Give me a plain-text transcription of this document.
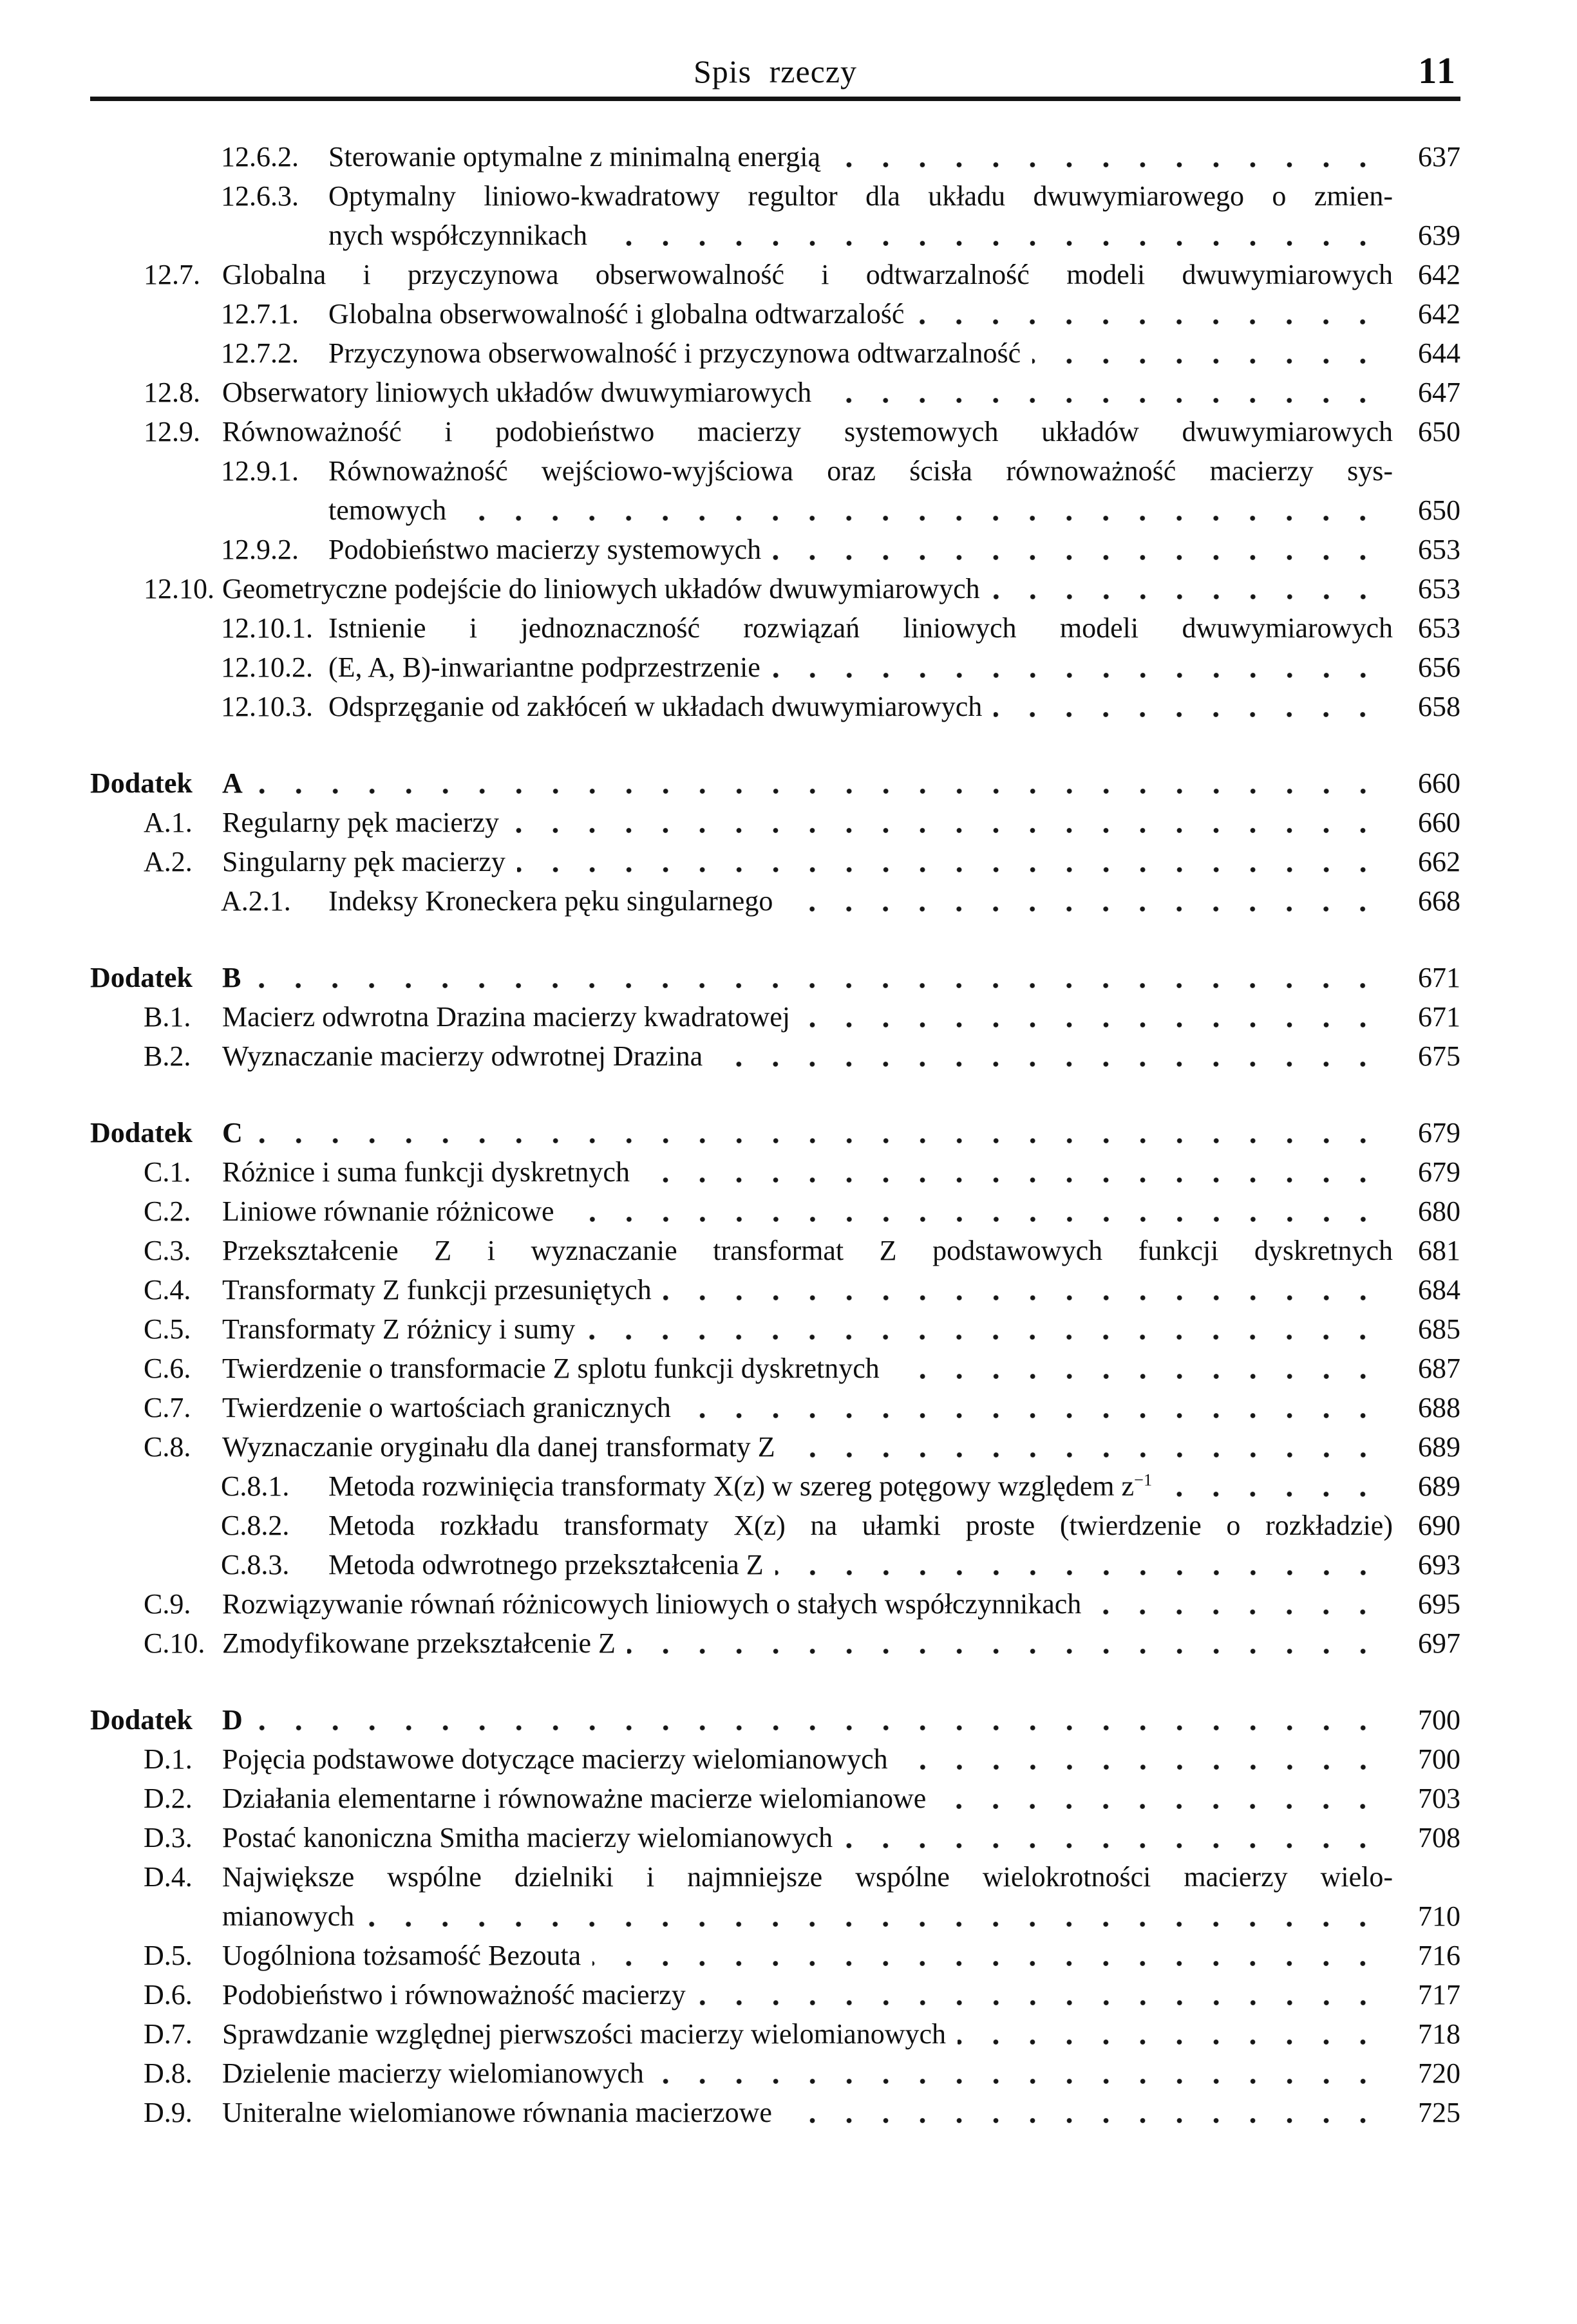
Spis rzeczy	11
12.6.2.	Sterowanie optymalne z minimalną energią	637
12.6.3.	Optymalny liniowo-kwadratowy regultor dla układu dwuwymiarowego o zmien-
nych współczynnikach	639
12.7. Globalna i przyczynowa obserwowalność i odtwarzalność modeli dwuwymiarowych 642
12.7.1.	Globalna obserwowalność i globalna odtwarzalość	642
12.7.2.	Przyczynowa obserwowalność i przyczynowa odtwarzalność	644
12.8. Obserwatory liniowych układów dwuwymiarowych	647
12.9. Równoważność i podobieństwo macierzy systemowych układów dwuwymiarowych 650
12.9.1.	Równoważność wejściowo-wyjściowa oraz ścisła równoważność macierzy sys-
temowych	650
12.9.2.	Podobieństwo macierzy systemowych	653
12.10. Geometryczne podejście do liniowych układów dwuwymiarowych	653
12.10.1. Istnienie i jednoznaczność rozwiązań liniowych modeli dwuwymiarowych 653
12.10.2. (E, A, B)-inwariantne podprzestrzenie	656
12.10.3. Odsprzęganie od zakłóceń w układach dwuwymiarowych	658
Dodatek	A	660
A.1.	Regularny pęk macierzy	660
A.2.	Singularny pęk macierzy	662
A.2.1.	Indeksy Kroneckera pęku singularnego	668
Dodatek	B	671
B.1.	Macierz odwrotna Drazina macierzy kwadratowej	671
B.2.	Wyznaczanie macierzy odwrotnej Drazina	675
Dodatek	C	679
C.1.	Różnice i suma funkcji dyskretnych	679
C.2.	Liniowe równanie różnicowe	680
C.3.	Przekształcenie Z i wyznaczanie transformat Z podstawowych funkcji dyskretnych 681
C.4.	Transformaty Z funkcji przesuniętych	684
C.5.	Transformaty Z różnicy i sumy	685
C.6.	Twierdzenie o transformacie Z splotu funkcji dyskretnych	687
C.7.	Twierdzenie o wartościach granicznych	688
C.8.	Wyznaczanie oryginału dla danej transformaty Z	689
C.8.1.	Metoda rozwinięcia transformaty X(z) w szereg potęgowy względem $z^{-1}$	689
C.8.2.	Metoda rozkładu transformaty X(z) na ułamki proste (twierdzenie o rozkładzie) 690
C.8.3.	Metoda odwrotnego przekształcenia Z	693
C.9.	Rozwiązywanie równań różnicowych liniowych o stałych współczynnikach	695
C.10. Zmodyfikowane przekształcenie Z	697
Dodatek	D	700
D.1.	Pojęcia podstawowe dotyczące macierzy wielomianowych	700
D.2.	Działania elementarne i równoważne macierze wielomianowe	703
D.3.	Postać kanoniczna Smitha macierzy wielomianowych	708
D.4.	Największe wspólne dzielniki i najmniejsze wspólne wielokrotności macierzy wielo-
mianowych	710
D.5.	Uogólniona tożsamość Bezouta	716
D.6.	Podobieństwo i równoważność macierzy	717
D.7.	Sprawdzanie względnej pierwszości macierzy wielomianowych	718
D.8.	Dzielenie macierzy wielomianowych	720
D.9.	Uniteralne wielomianowe równania macierzowe	725
